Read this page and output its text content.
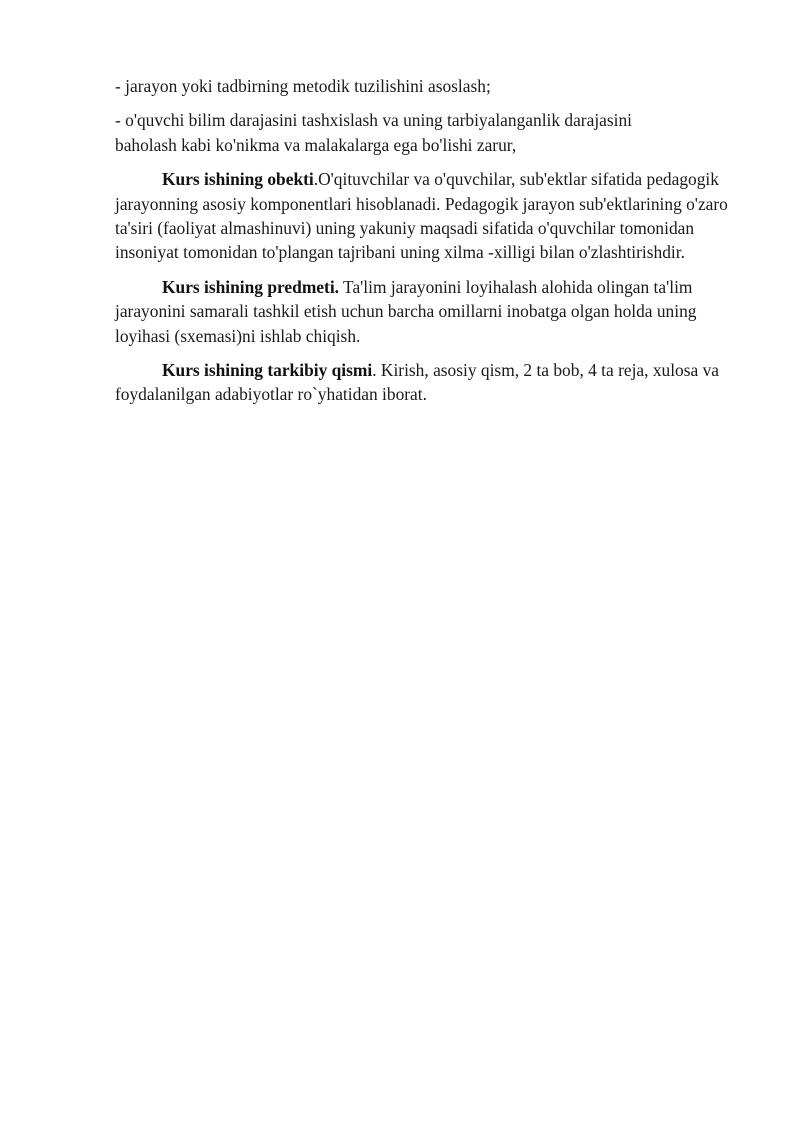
- jarayon yoki tadbirning metodik tuzilishini asoslash;

- o'quvchi bilim darajasini tashxislash va uning tarbiyalanganlik darajasini
baholash kabi ko'nikma va malakalarga ega bo'lishi zarur,

Kurs ishining obekti.O'qituvchilar va o'quvchilar, sub'ektlar sifatida pedagogik jarayonning asosiy komponentlari hisoblanadi. Pedagogik jarayon sub'ektlarining o'zaro ta'siri (faoliyat almashinuvi) uning yakuniy maqsadi sifatida o'quvchilar tomonidan insoniyat tomonidan to'plangan tajribani uning xilma -xilligi bilan o'zlashtirishdir.

Kurs ishining predmeti. Ta'lim jarayonini loyihalash alohida olingan ta'lim jarayonini samarali tashkil etish uchun barcha omillarni inobatga olgan holda uning loyihasi (sxemasi)ni ishlab chiqish.

Kurs ishining tarkibiy qismi. Kirish, asosiy qism, 2 ta bob, 4 ta reja, xulosa va foydalanilgan adabiyotlar ro`yhatidan iborat.
